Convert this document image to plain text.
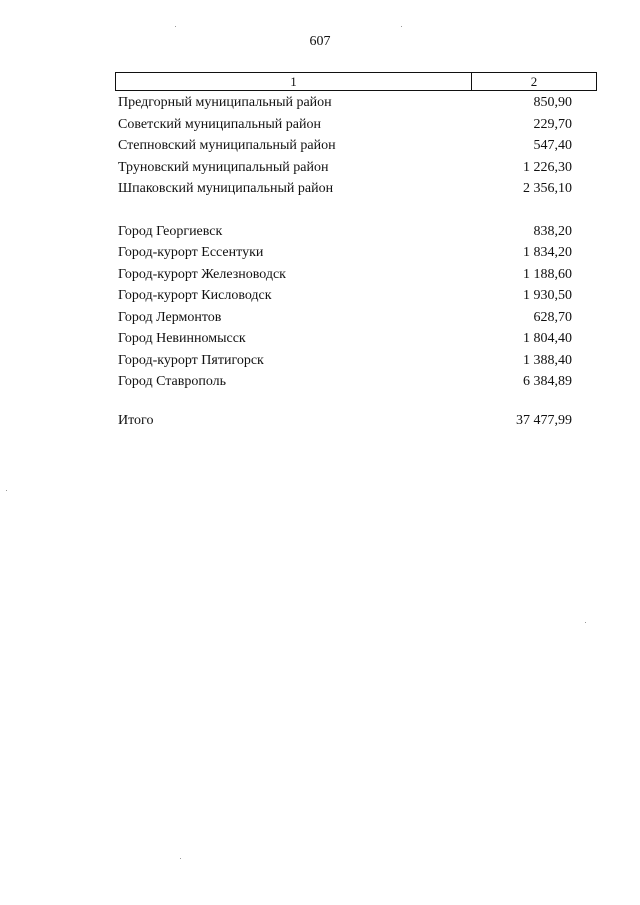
607
1	2
Предгорный муниципальный район	850,90
Советский муниципальный район	229,70
Степновский муниципальный район	547,40
Труновский муниципальный район	1 226,30
Шпаковский муниципальный район	2 356,10
Город Георгиевск	838,20
Город-курорт Ессентуки	1 834,20
Город-курорт Железноводск	1 188,60
Город-курорт Кисловодск	1 930,50
Город Лермонтов	628,70
Город Невинномысск	1 804,40
Город-курорт Пятигорск	1 388,40
Город Ставрополь	6 384,89
Итого	37 477,99
